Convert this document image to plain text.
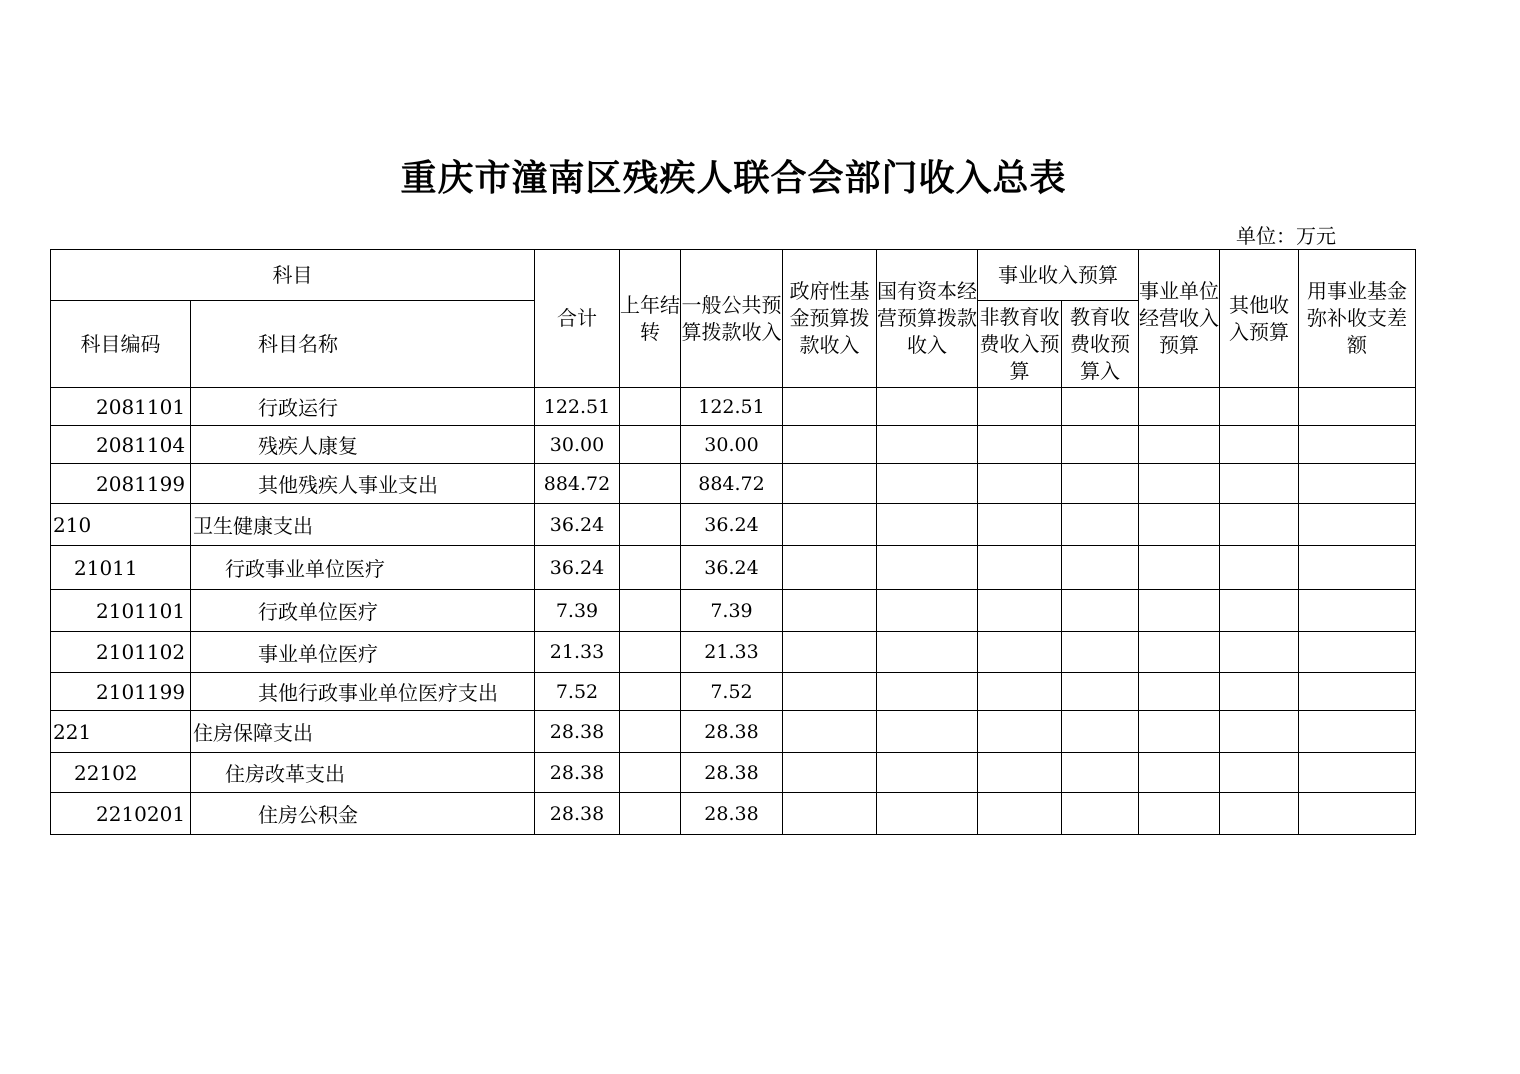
重庆市潼南区残疾人联合会部门收入总表
单位：万元
科目		合计	上年结转	一般公共预算拨款收入	政府性基金预算拨款收入	国有资本经营预算拨款收入	事业收入预算		事业单位经营收入预算	其他收入预算	用事业基金弥补收支差额
科目编码	科目名称						非教育收费收入预算	教育收费收预算入			
2081101	行政运行	122.51		122.51							
2081104	残疾人康复	30.00		30.00							
2081199	其他残疾人事业支出	884.72		884.72							
210	卫生健康支出	36.24		36.24							
21011	行政事业单位医疗	36.24		36.24							
2101101	行政单位医疗	7.39		7.39							
2101102	事业单位医疗	21.33		21.33							
2101199	其他行政事业单位医疗支出	7.52		7.52							
221	住房保障支出	28.38		28.38							
22102	住房改革支出	28.38		28.38							
2210201	住房公积金	28.38		28.38							
